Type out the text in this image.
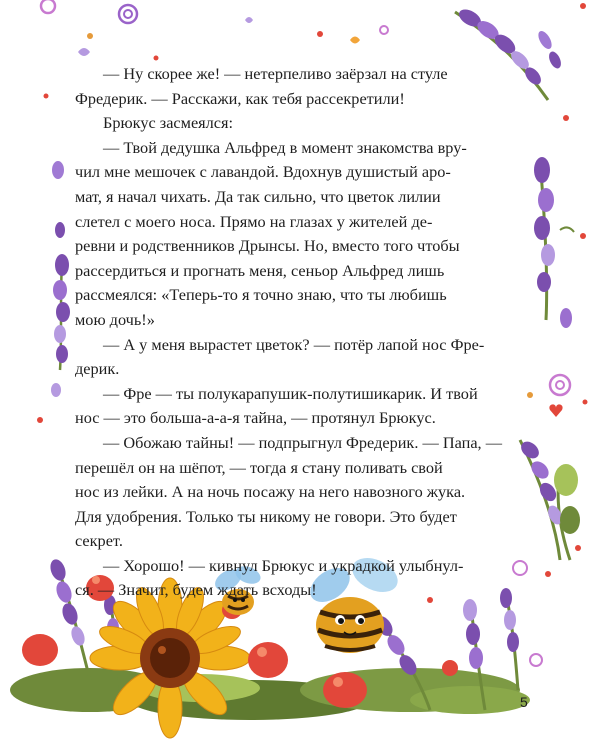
— Ну скорее же! — нетерпеливо заёрзал на стуле
Фредерик. — Расскажи, как тебя рассекретили!

Брюкус засмеялся:

— Твой дедушка Альфред в момент знакомства вру-
чил мне мешочек с лавандой. Вдохнув душистый аро-
мат, я начал чихать. Да так сильно, что цветок лилии
слетел с моего носа. Прямо на глазах у жителей де-
ревни и родственников Дрынсы. Но, вместо того чтобы
рассердиться и прогнать меня, сеньор Альфред лишь
рассмеялся: «Теперь-то я точно знаю, что ты любишь
мою дочь!»

— А у меня вырастет цветок? — потёр лапой нос Фре-
дерик.

— Фре — ты полукарапушик-полутишикарик. И твой
нос — это больша-а-а-я тайна, — протянул Брюкус.

— Обожаю тайны! — подпрыгнул Фредерик. — Папа, —
перешёл он на шёпот, — тогда я стану поливать свой
нос из лейки. А на ночь посажу на него навозного жука.
Для удобрения. Только ты никому не говори. Это будет
секрет.

— Хорошо! — кивнул Брюкус и украдкой улыбнул-
ся. — Значит, будем ждать всходы!

5
